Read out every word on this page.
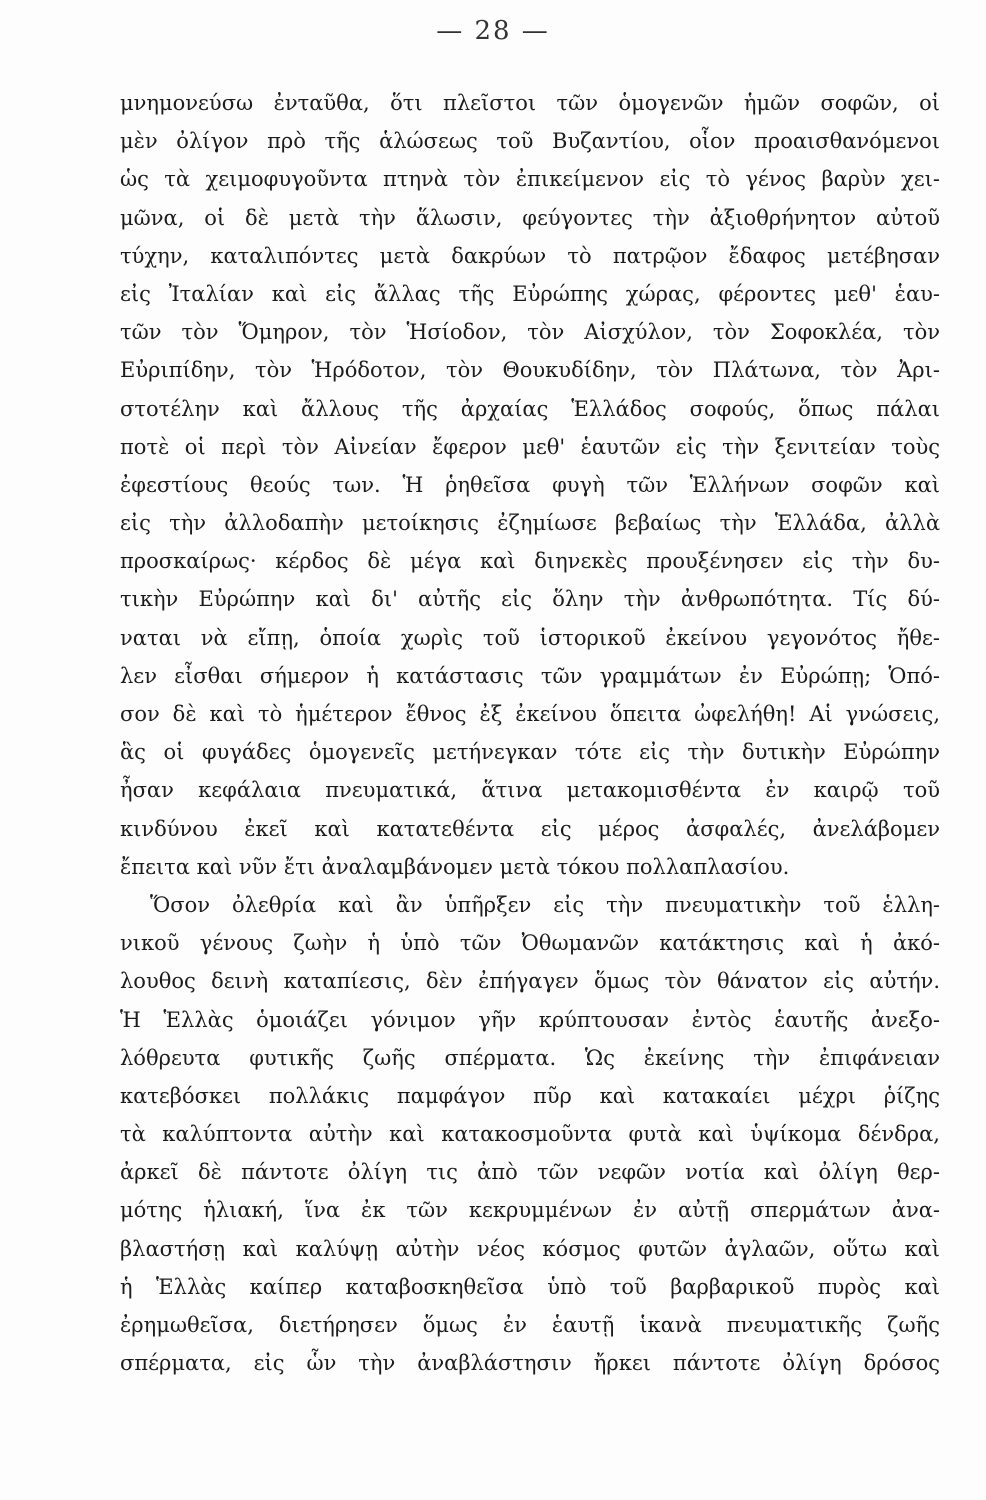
— 28 —
μνημονεύσω ἐνταῦθα, ὅτι πλεῖστοι τῶν ὁμογενῶν ἡμῶν σοφῶν, οἱ
μὲν ὀλίγον πρὸ τῆς ἁλώσεως τοῦ Βυζαντίου, οἷον προαισθανόμενοι
ὡς τὰ χειμοφυγοῦντα πτηνὰ τὸν ἐπικείμενον εἰς τὸ γένος βαρὺν χει-
μῶνα, οἱ δὲ μετὰ τὴν ἅλωσιν, φεύγοντες τὴν ἀξιοθρήνητον αὐτοῦ
τύχην, καταλιπόντες μετὰ δακρύων τὸ πατρῷον ἔδαφος μετέβησαν
εἰς Ἰταλίαν καὶ εἰς ἄλλας τῆς Εὐρώπης χώρας, φέροντες μεθ' ἑαυ-
τῶν τὸν Ὅμηρον, τὸν Ἡσίοδον, τὸν Αἰσχύλον, τὸν Σοφοκλέα, τὸν
Εὐριπίδην, τὸν Ἡρόδοτον, τὸν Θουκυδίδην, τὸν Πλάτωνα, τὸν Ἀρι-
στοτέλην καὶ ἄλλους τῆς ἀρχαίας Ἑλλάδος σοφούς, ὅπως πάλαι
ποτὲ οἱ περὶ τὸν Αἰνείαν ἔφερον μεθ' ἑαυτῶν εἰς τὴν ξενιτείαν τοὺς
ἐφεστίους θεούς των. Ἡ ῥηθεῖσα φυγὴ τῶν Ἑλλήνων σοφῶν καὶ
εἰς τὴν ἀλλοδαπὴν μετοίκησις ἐζημίωσε βεβαίως τὴν Ἑλλάδα, ἀλλὰ
προσκαίρως· κέρδος δὲ μέγα καὶ διηνεκὲς προυξένησεν εἰς τὴν δυ-
τικὴν Εὐρώπην καὶ δι' αὐτῆς εἰς ὅλην τὴν ἀνθρωπότητα. Τίς δύ-
ναται νὰ εἴπῃ, ὁποία χωρὶς τοῦ ἱστορικοῦ ἐκείνου γεγονότος ἤθε-
λεν εἶσθαι σήμερον ἡ κατάστασις τῶν γραμμάτων ἐν Εὐρώπῃ; Ὁπό-
σον δὲ καὶ τὸ ἡμέτερον ἔθνος ἐξ ἐκείνου ὅπειτα ὠφελήθη! Αἱ γνώσεις,
ἃς οἱ φυγάδες ὁμογενεῖς μετήνεγκαν τότε εἰς τὴν δυτικὴν Εὐρώπην
ἦσαν κεφάλαια πνευματικά, ἅτινα μετακομισθέντα ἐν καιρῷ τοῦ
κινδύνου ἐκεῖ καὶ κατατεθέντα εἰς μέρος ἀσφαλές, ἀνελάβομεν
ἔπειτα καὶ νῦν ἔτι ἀναλαμβάνομεν μετὰ τόκου πολλαπλασίου.
Ὅσον ὀλεθρία καὶ ἂν ὑπῆρξεν εἰς τὴν πνευματικὴν τοῦ ἑλλη-
νικοῦ γένους ζωὴν ἡ ὑπὸ τῶν Ὀθωμανῶν κατάκτησις καὶ ἡ ἀκό-
λουθος δεινὴ καταπίεσις, δὲν ἐπήγαγεν ὅμως τὸν θάνατον εἰς αὐτήν.
Ἡ Ἑλλὰς ὁμοιάζει γόνιμον γῆν κρύπτουσαν ἐντὸς ἑαυτῆς ἀνεξο-
λόθρευτα φυτικῆς ζωῆς σπέρματα. Ὡς ἐκείνης τὴν ἐπιφάνειαν
κατεβόσκει πολλάκις παμφάγον πῦρ καὶ κατακαίει μέχρι ῥίζης
τὰ καλύπτοντα αὐτὴν καὶ κατακοσμοῦντα φυτὰ καὶ ὑψίκομα δένδρα,
ἀρκεῖ δὲ πάντοτε ὀλίγη τις ἀπὸ τῶν νεφῶν νοτία καὶ ὀλίγη θερ-
μότης ἡλιακή, ἵνα ἐκ τῶν κεκρυμμένων ἐν αὐτῇ σπερμάτων ἀνα-
βλαστήσῃ καὶ καλύψῃ αὐτὴν νέος κόσμος φυτῶν ἀγλαῶν, οὕτω καὶ
ἡ Ἑλλὰς καίπερ καταβοσκηθεῖσα ὑπὸ τοῦ βαρβαρικοῦ πυρὸς καὶ
ἐρημωθεῖσα, διετήρησεν ὅμως ἐν ἑαυτῇ ἱκανὰ πνευματικῆς ζωῆς
σπέρματα, εἰς ὧν τὴν ἀναβλάστησιν ἤρκει πάντοτε ὀλίγη δρόσος
